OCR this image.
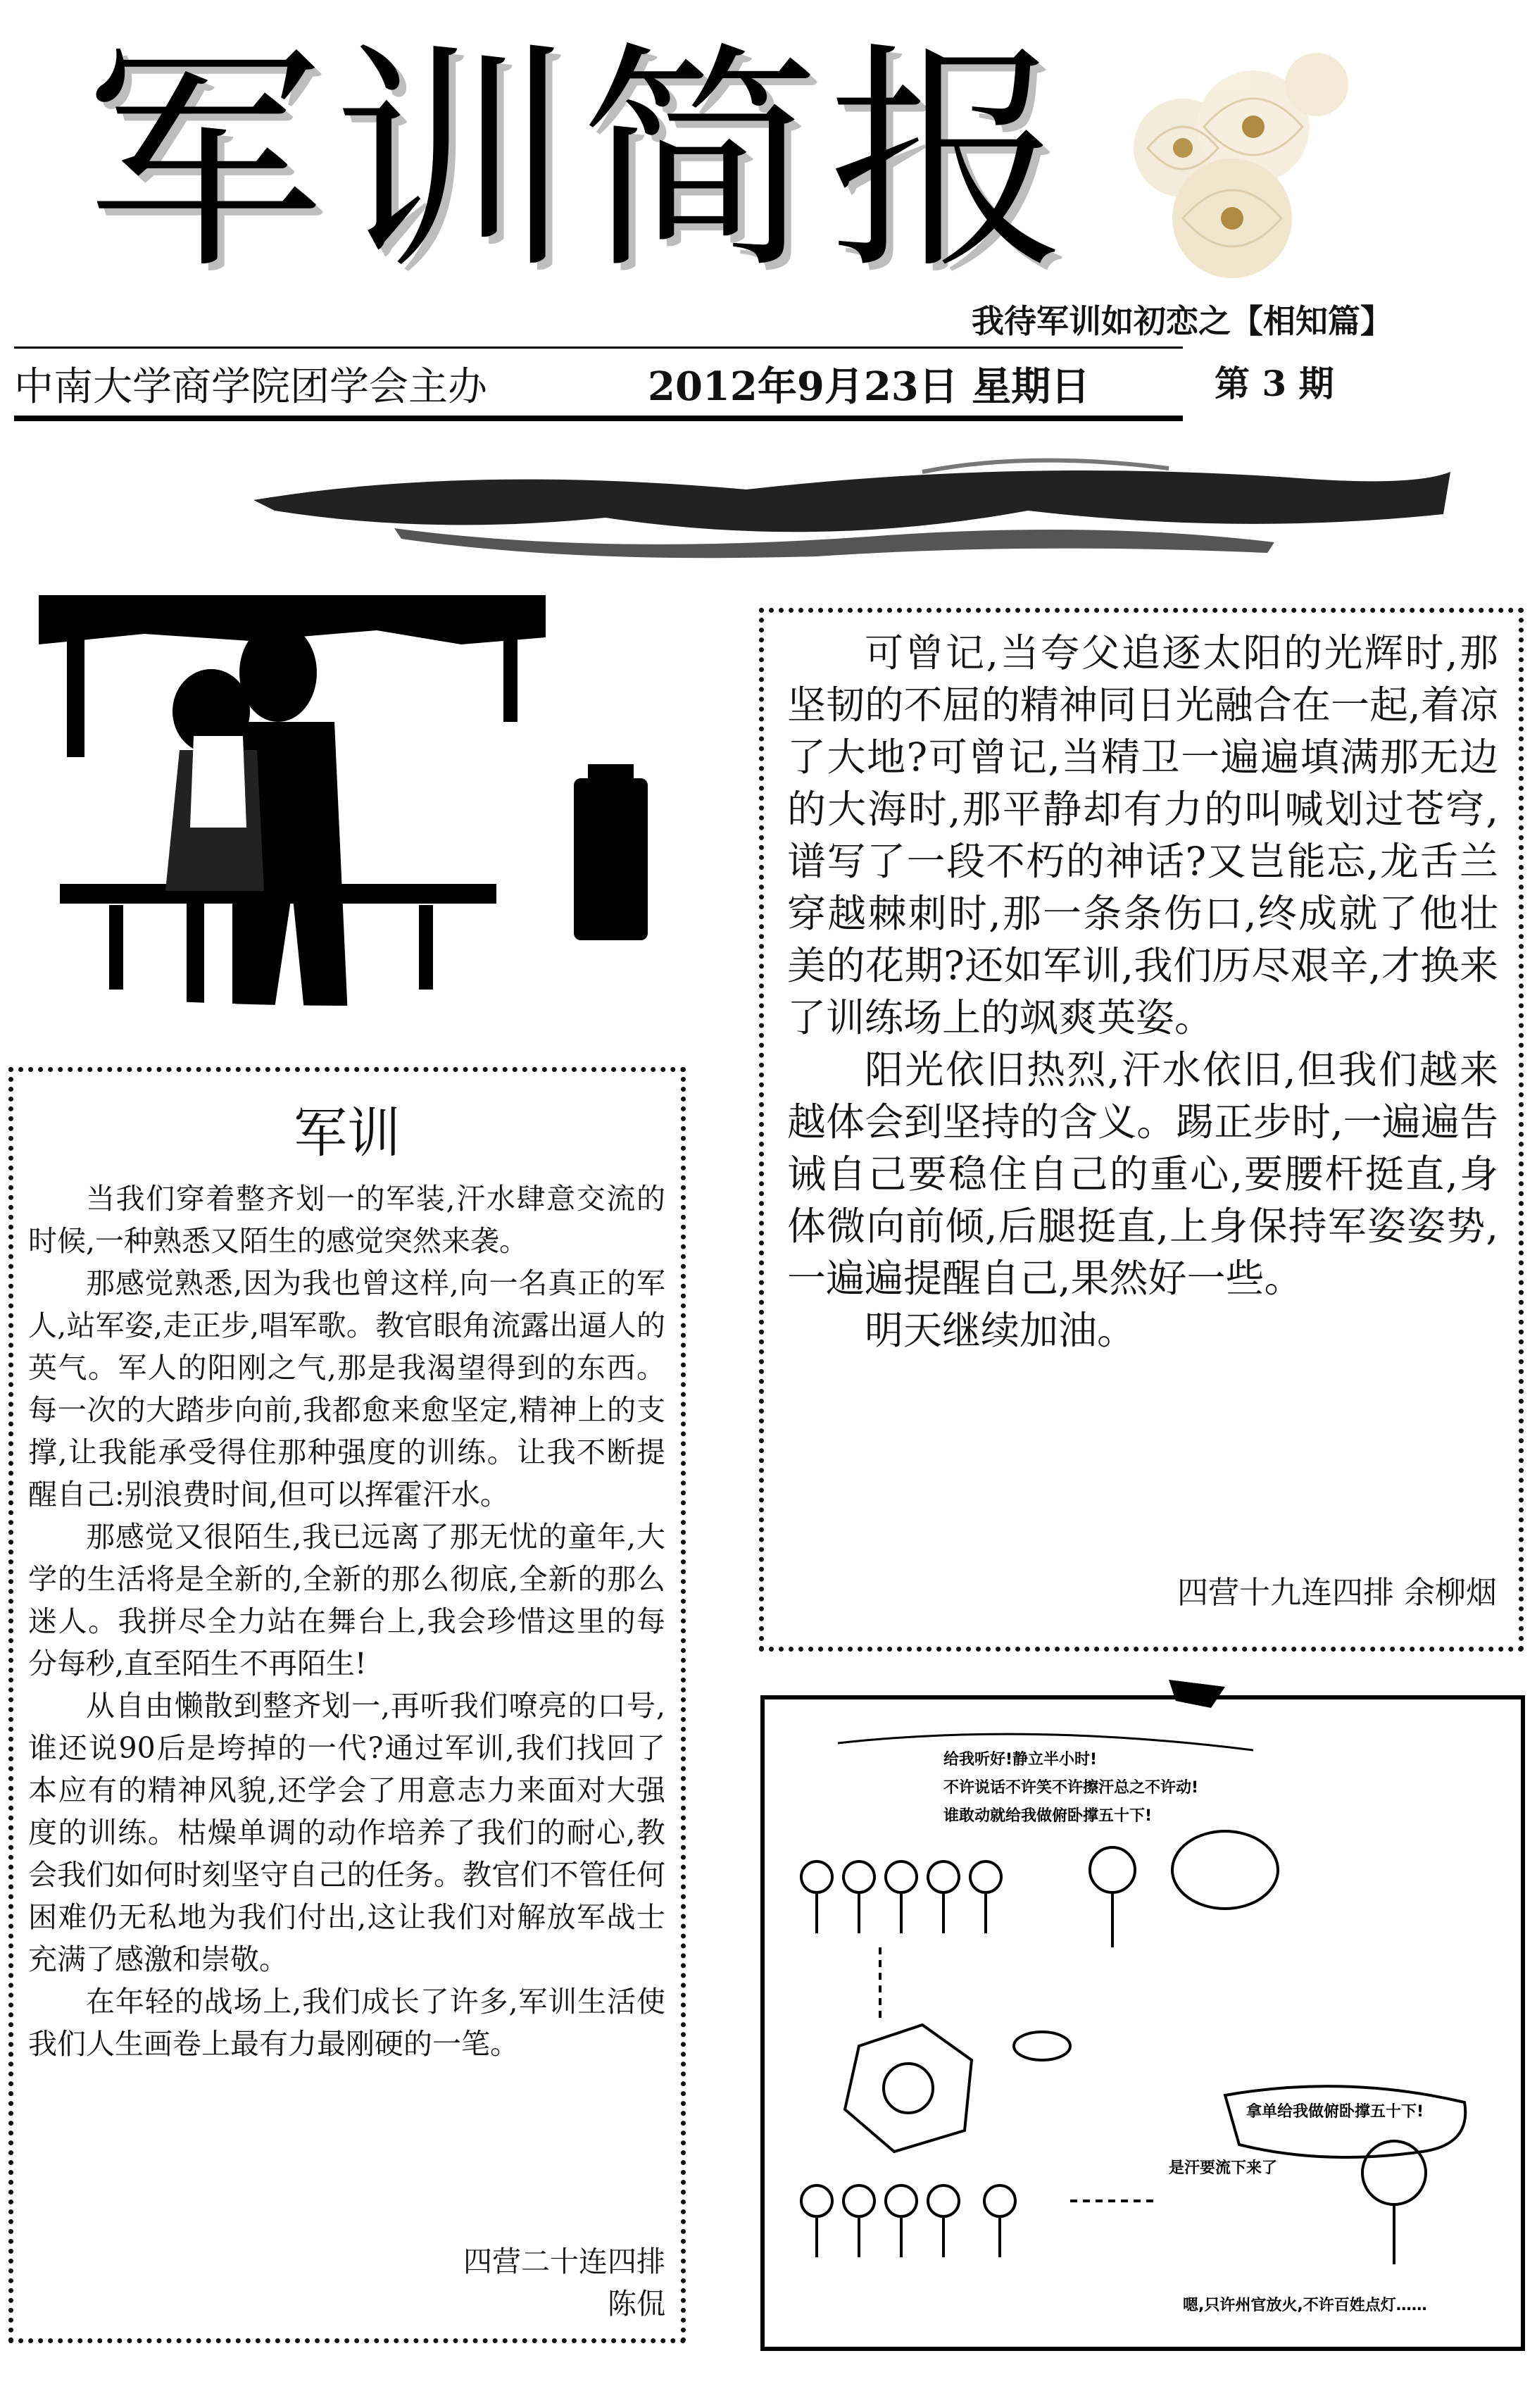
军训简报
我待军训如初恋之【相知篇】
中南大学商学院团学会主办	2012年9月23日 星期日	第 3 期
军训

当我们穿着整齐划一的军装,汗水肆意交流的时候,一种熟悉又陌生的感觉突然来袭。

那感觉熟悉,因为我也曾这样,向一名真正的军人,站军姿,走正步,唱军歌。教官眼角流露出逼人的英气。军人的阳刚之气,那是我渴望得到的东西。每一次的大踏步向前,我都愈来愈坚定,精神上的支撑,让我能承受得住那种强度的训练。让我不断提醒自己:别浪费时间,但可以挥霍汗水。

那感觉又很陌生,我已远离了那无忧的童年,大学的生活将是全新的,全新的那么彻底,全新的那么迷人。我拼尽全力站在舞台上,我会珍惜这里的每分每秒,直至陌生不再陌生!

从自由懒散到整齐划一,再听我们嘹亮的口号,谁还说90后是垮掉的一代?通过军训,我们找回了本应有的精神风貌,还学会了用意志力来面对大强度的训练。枯燥单调的动作培养了我们的耐心,教会我们如何时刻坚守自己的任务。教官们不管任何困难仍无私地为我们付出,这让我们对解放军战士充满了感激和崇敬。

在年轻的战场上,我们成长了许多,军训生活使我们人生画卷上最有力最刚硬的一笔。

四营二十连四排
陈侃

可曾记,当夸父追逐太阳的光辉时,那坚韧的不屈的精神同日光融合在一起,着凉了大地?可曾记,当精卫一遍遍填满那无边的大海时,那平静却有力的叫喊划过苍穹,谱写了一段不朽的神话?又岂能忘,龙舌兰穿越棘刺时,那一条条伤口,终成就了他壮美的花期?还如军训,我们历尽艰辛,才换来了训练场上的飒爽英姿。

阳光依旧热烈,汗水依旧,但我们越来越体会到坚持的含义。踢正步时,一遍遍告诫自己要稳住自己的重心,要腰杆挺直,身体微向前倾,后腿挺直,上身保持军姿姿势,一遍遍提醒自己,果然好一些。

明天继续加油。

四营十九连四排 余柳烟
给我听好!静立半小时!
不许说话不许笑不许擦汗总之不许动!
谁敢动就给我做俯卧撑五十下!
拿单给我做俯卧撑五十下!
是汗要流下来了
嗯,只许州官放火,不许百姓点灯……
